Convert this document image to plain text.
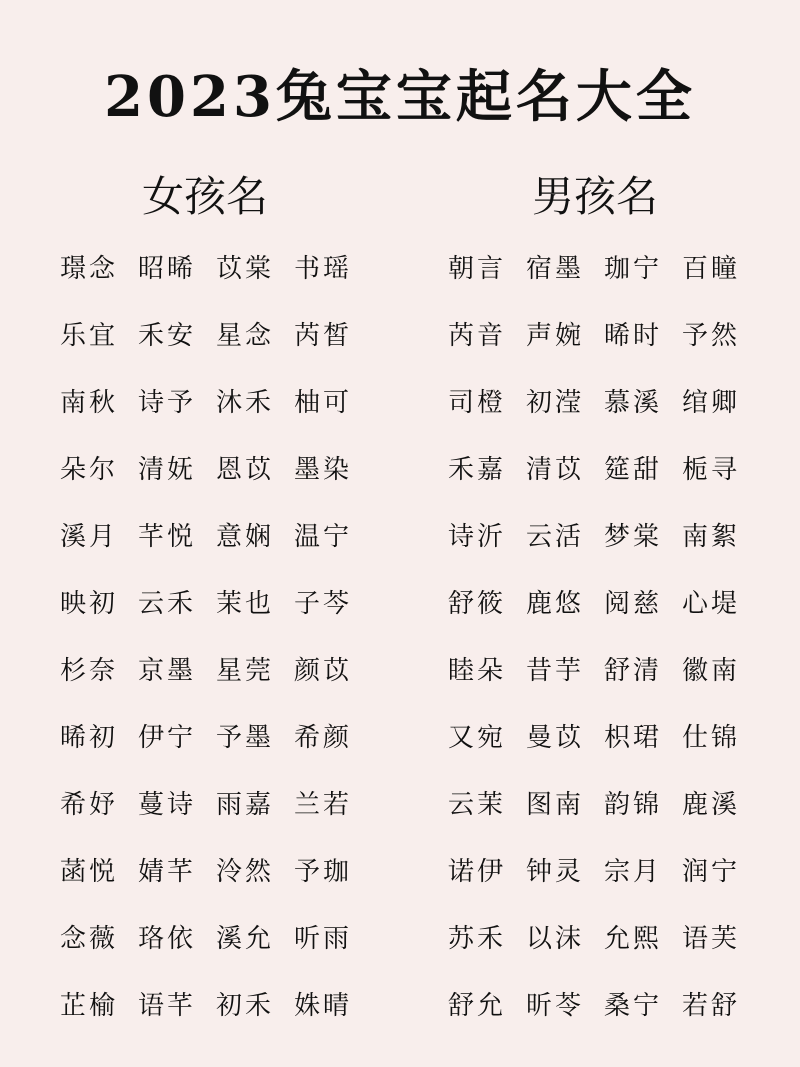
2023兔宝宝起名大全
女孩名	男孩名
璟念 昭晞 苡棠 书瑶
乐宜 禾安 星念 芮皙
南秋 诗予 沐禾 柚可
朵尔 清妩 恩苡 墨染
溪月 芊悦 意娴 温宁
映初 云禾 茉也 子芩
杉奈 京墨 星莞 颜苡
晞初 伊宁 予墨 希颜
希妤 蔓诗 雨嘉 兰若
菡悦 婧芊 泠然 予珈
念薇 珞依 溪允 听雨
芷榆 语芊 初禾 姝晴
朝言 宿墨 珈宁 百瞳
芮音 声婉 晞时 予然
司橙 初滢 慕溪 绾卿
禾嘉 清苡 筵甜 栀寻
诗沂 云活 梦棠 南絮
舒筱 鹿悠 阅慈 心堤
睦朵 昔芋 舒清 徽南
又宛 曼苡 枳珺 仕锦
云茉 图南 韵锦 鹿溪
诺伊 钟灵 宗月 润宁
苏禾 以沫 允熙 语芙
舒允 昕苓 桑宁 若舒
